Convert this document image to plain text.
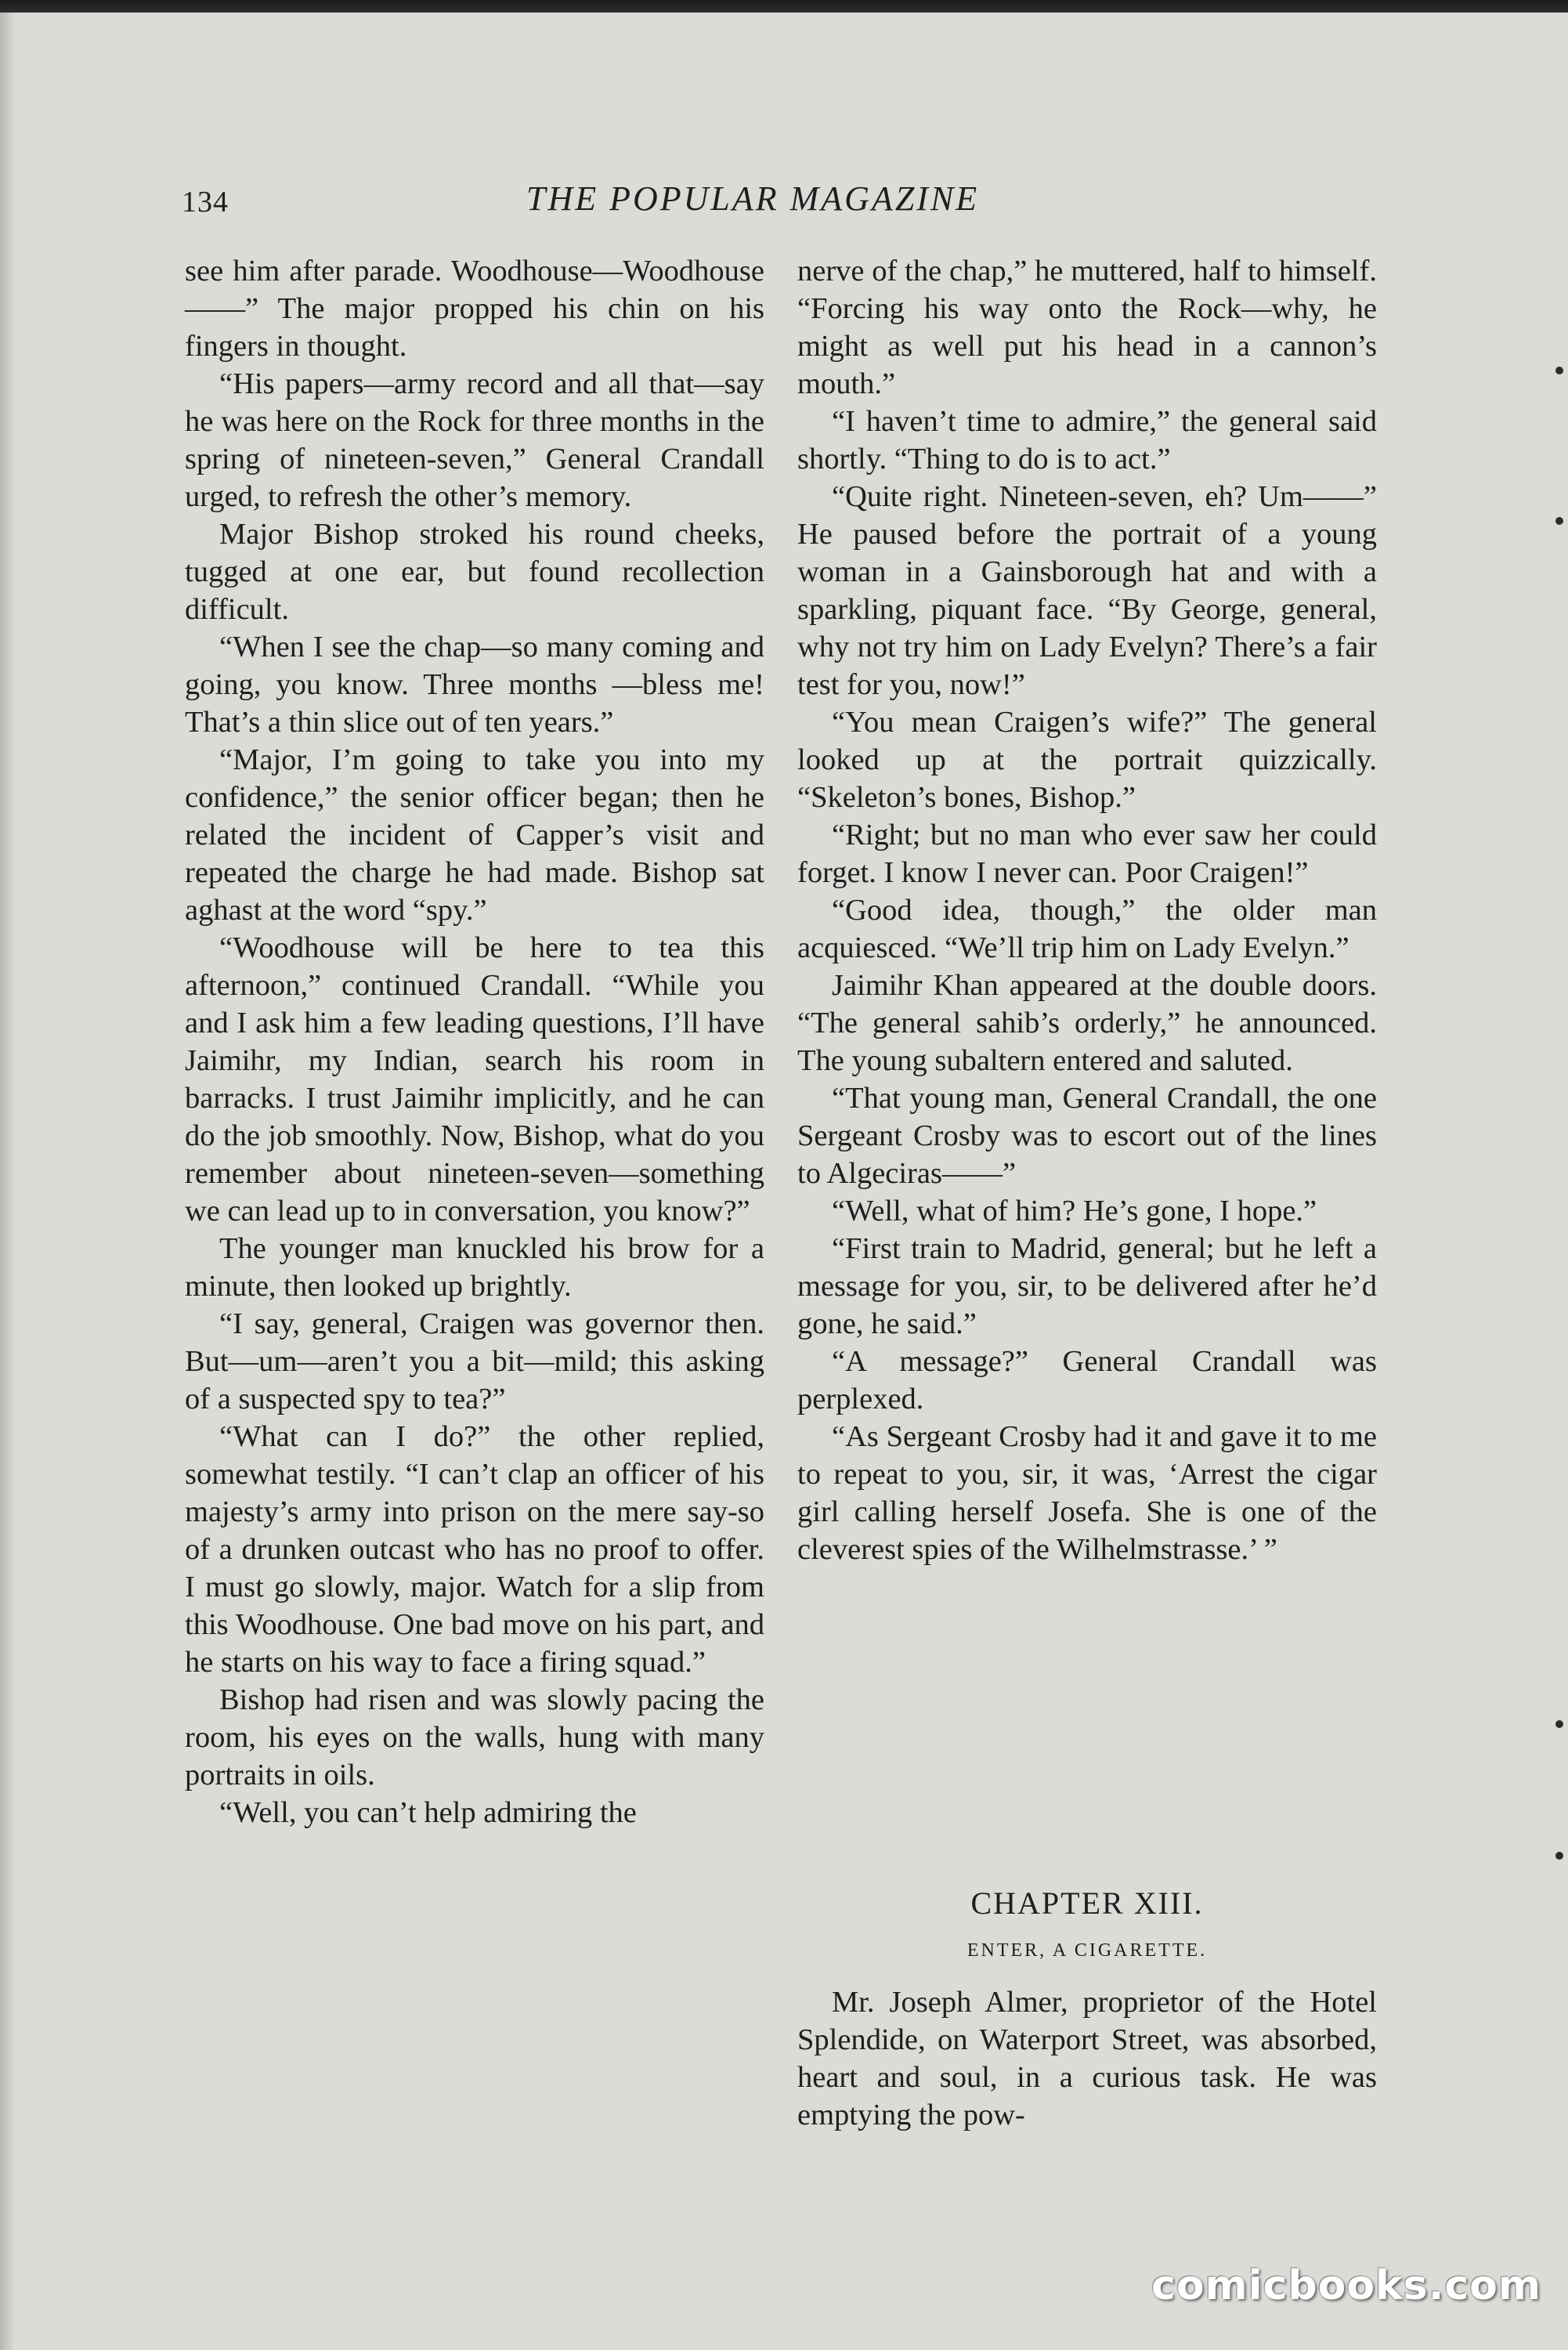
134	THE POPULAR MAGAZINE

see him after parade. Woodhouse—Woodhouse——” The major propped his chin on his fingers in thought.

“His papers—army record and all that—say he was here on the Rock for three months in the spring of nineteen-seven,” General Crandall urged, to refresh the other’s memory.

Major Bishop stroked his round cheeks, tugged at one ear, but found recollection difficult.

“When I see the chap—so many coming and going, you know. Three months —bless me! That’s a thin slice out of ten years.”

“Major, I’m going to take you into my confidence,” the senior officer began; then he related the incident of Capper’s visit and repeated the charge he had made. Bishop sat aghast at the word “spy.”

“Woodhouse will be here to tea this afternoon,” continued Crandall. “While you and I ask him a few leading questions, I’ll have Jaimihr, my Indian, search his room in barracks. I trust Jaimihr implicitly, and he can do the job smoothly. Now, Bishop, what do you remember about nineteen-seven—something we can lead up to in conversation, you know?”

The younger man knuckled his brow for a minute, then looked up brightly.

“I say, general, Craigen was governor then. But—um—aren’t you a bit—mild; this asking of a suspected spy to tea?”

“What can I do?” the other replied, somewhat testily. “I can’t clap an officer of his majesty’s army into prison on the mere say-so of a drunken outcast who has no proof to offer. I must go slowly, major. Watch for a slip from this Woodhouse. One bad move on his part, and he starts on his way to face a firing squad.”

Bishop had risen and was slowly pacing the room, his eyes on the walls, hung with many portraits in oils.

“Well, you can’t help admiring the

nerve of the chap,” he muttered, half to himself. “Forcing his way onto the Rock—why, he might as well put his head in a cannon’s mouth.”

“I haven’t time to admire,” the general said shortly. “Thing to do is to act.”

“Quite right. Nineteen-seven, eh? Um——” He paused before the portrait of a young woman in a Gainsborough hat and with a sparkling, piquant face. “By George, general, why not try him on Lady Evelyn? There’s a fair test for you, now!”

“You mean Craigen’s wife?” The general looked up at the portrait quizzically. “Skeleton’s bones, Bishop.”

“Right; but no man who ever saw her could forget. I know I never can. Poor Craigen!”

“Good idea, though,” the older man acquiesced. “We’ll trip him on Lady Evelyn.”

Jaimihr Khan appeared at the double doors. “The general sahib’s orderly,” he announced. The young subaltern entered and saluted.

“That young man, General Crandall, the one Sergeant Crosby was to escort out of the lines to Algeciras——”

“Well, what of him? He’s gone, I hope.”

“First train to Madrid, general; but he left a message for you, sir, to be delivered after he’d gone, he said.”

“A message?” General Crandall was perplexed.

“As Sergeant Crosby had it and gave it to me to repeat to you, sir, it was, ‘Arrest the cigar girl calling herself Josefa. She is one of the cleverest spies of the Wilhelmstrasse.’ ”

CHAPTER XIII.
ENTER, A CIGARETTE.

Mr. Joseph Almer, proprietor of the Hotel Splendide, on Waterport Street, was absorbed, heart and soul, in a curious task. He was emptying the pow-

comicbooks.com
